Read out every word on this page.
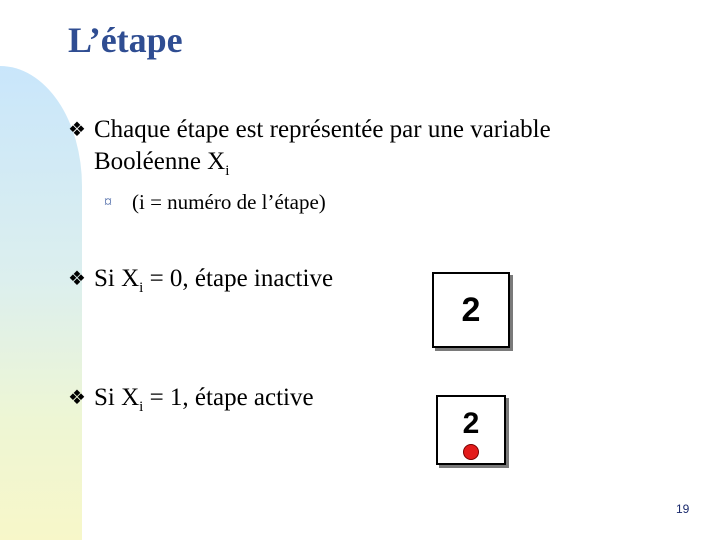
L’étape
❖ Chaque étape est représentée par une variable
Booléenne $X_i$
¤ (i = numéro de l’étape)
❖ Si $X_i = 0$, étape inactive
2
❖ Si $X_i = 1$, étape active
2
19
